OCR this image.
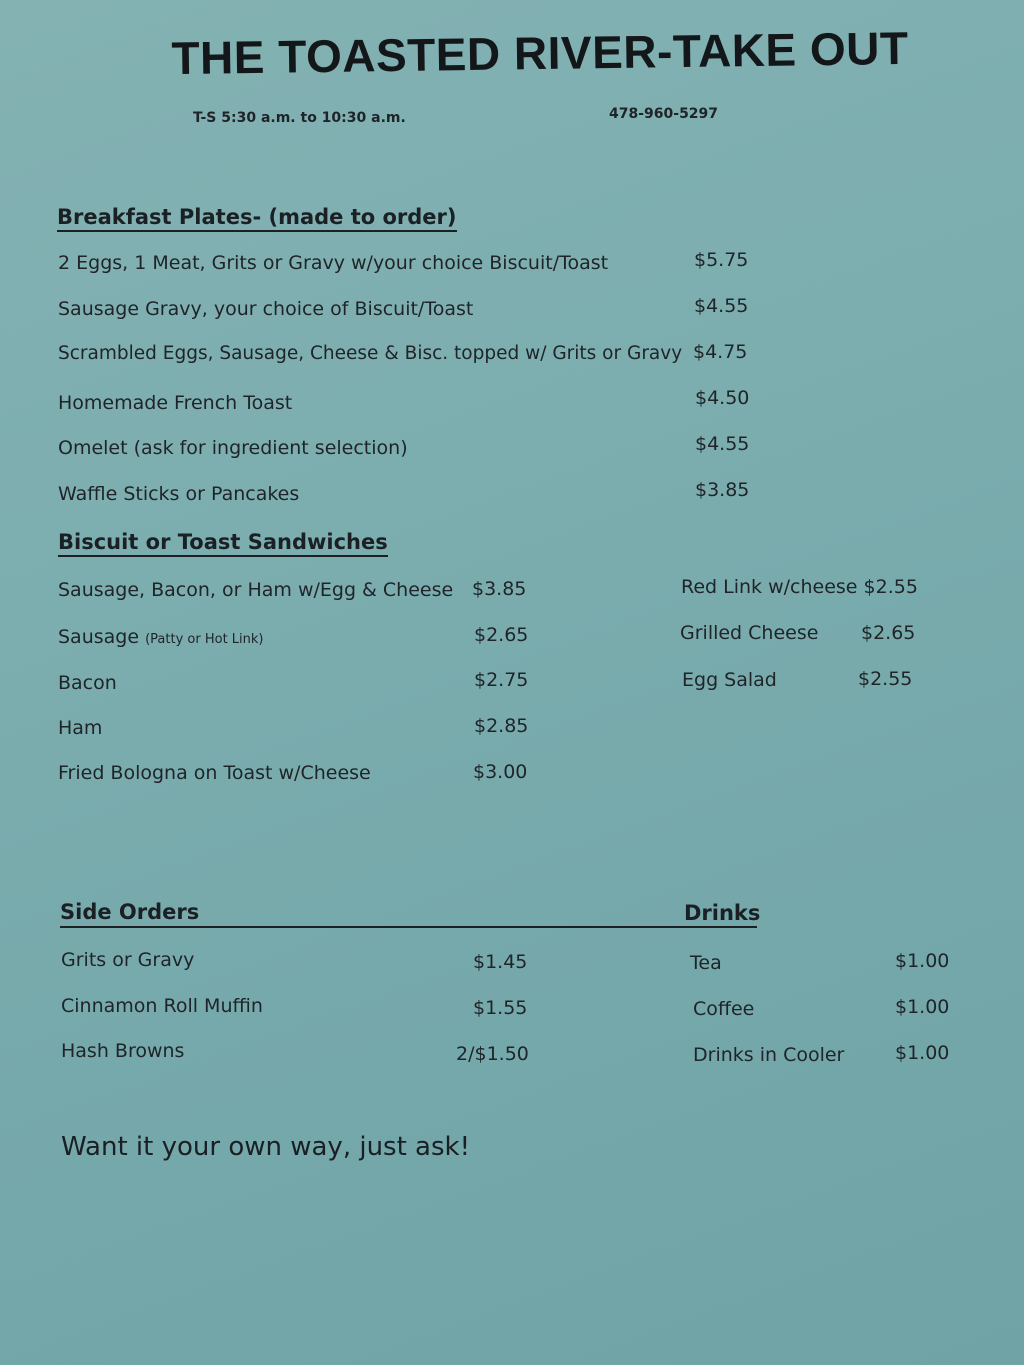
THE TOASTED RIVER-TAKE OUT
T-S 5:30 a.m. to 10:30 a.m.	478-960-5297
Breakfast Plates- (made to order)
2 Eggs, 1 Meat, Grits or Gravy w/your choice Biscuit/Toast	$5.75
Sausage Gravy, your choice of Biscuit/Toast	$4.55
Scrambled Eggs, Sausage, Cheese & Bisc. topped w/ Grits or Gravy $4.75
Homemade French Toast	$4.50
Omelet (ask for ingredient selection)	$4.55
Waffle Sticks or Pancakes	$3.85
Biscuit or Toast Sandwiches
Sausage, Bacon, or Ham w/Egg & Cheese $3.85
Sausage (Patty or Hot Link)	$2.65
Bacon	$2.75
Ham	$2.85
Fried Bologna on Toast w/Cheese	$3.00
Red Link w/cheese $2.55
Grilled Cheese $2.65
Egg Salad	$2.55
Side Orders	Drinks
Grits or Gravy	$1.45
Cinnamon Roll Muffin	$1.55
Hash Browns	2/$1.50
Tea	$1.00
Coffee	$1.00
Drinks in Cooler	$1.00
Want it your own way, just ask!
